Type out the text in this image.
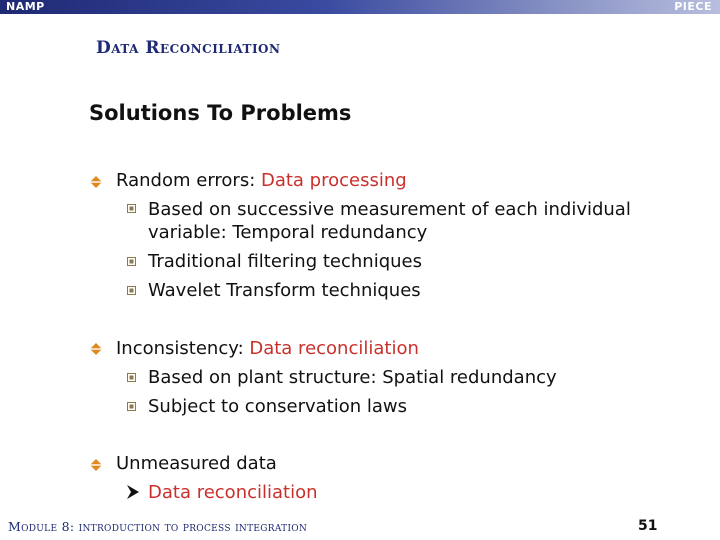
NAMP	PIECE
Data Reconciliation
Solutions To Problems
Random errors: Data processing
Based on successive measurement of each individual
variable: Temporal redundancy
Traditional filtering techniques
Wavelet Transform techniques
Inconsistency: Data reconciliation
Based on plant structure: Spatial redundancy
Subject to conservation laws
Unmeasured data
Data reconciliation
Module 8: introduction to process integration	51
